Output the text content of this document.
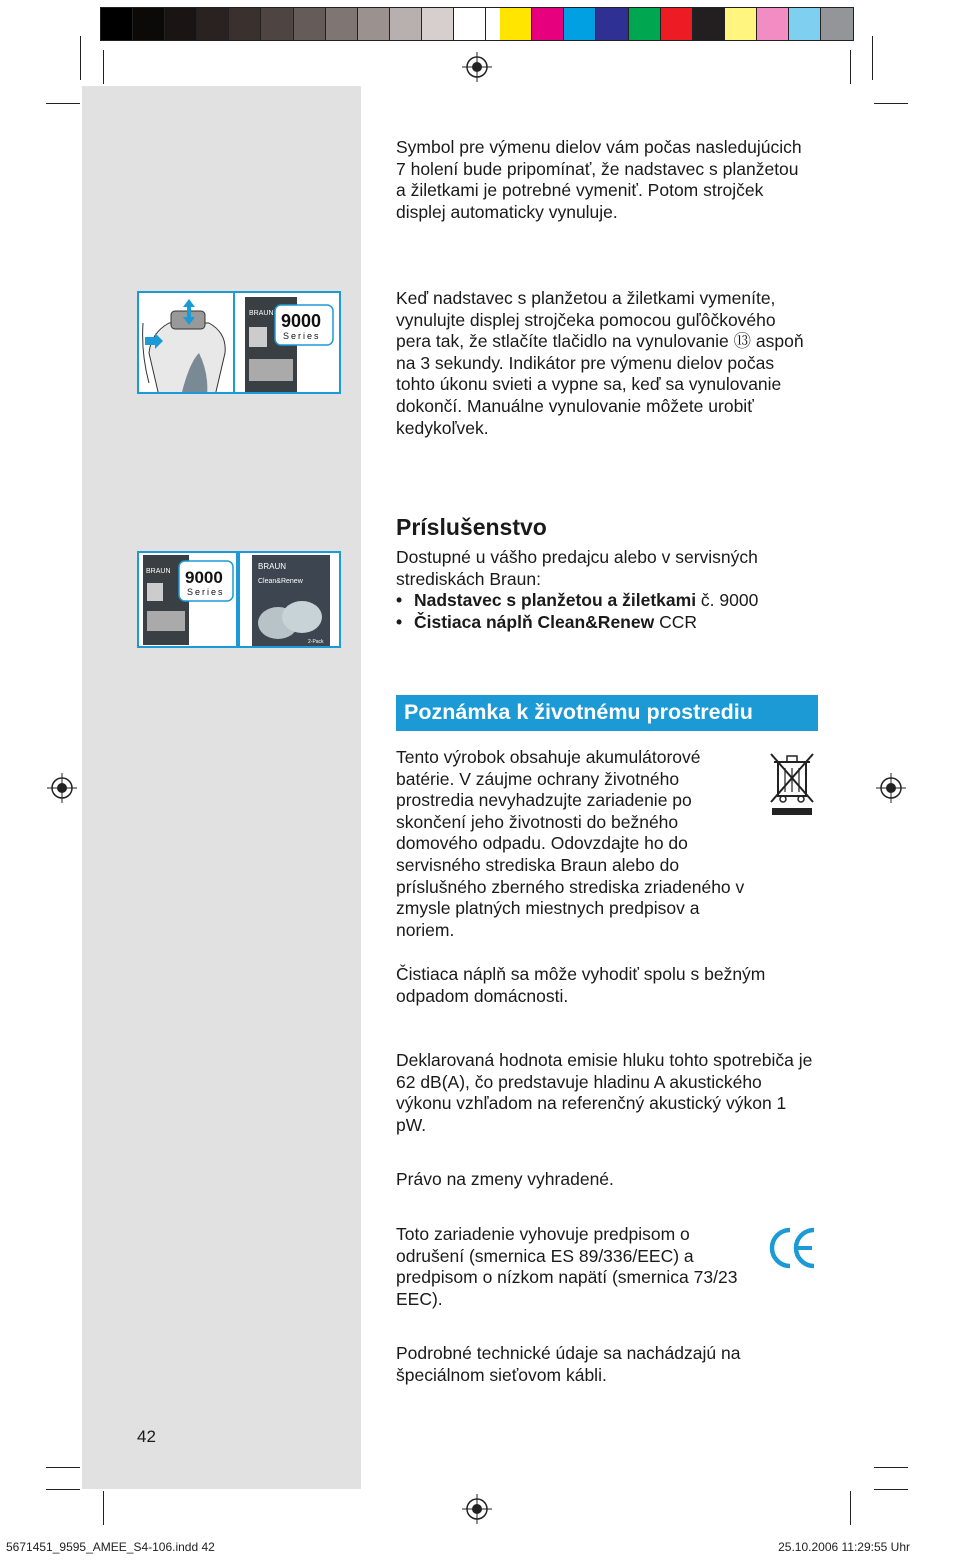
9000
Series
BRAUN
9000
Series
BRAUN
BRAUN
Clean&Renew
2-Pack

Symbol pre výmenu dielov vám počas nasledujúcich 7 holení bude pripomínať, že nadstavec s planžetou a žiletkami je potrebné vymeniť. Potom strojček displej automaticky vynuluje.

Keď nadstavec s planžetou a žiletkami vymeníte, vynulujte displej strojčeka pomocou guľôčkového pera tak, že stlačíte tlačidlo na vynulovanie ⑬ aspoň na 3 sekundy. Indikátor pre výmenu dielov počas tohto úkonu svieti a vypne sa, keď sa vynulovanie dokončí. Manuálne vynulovanie môžete urobiť kedykoľvek.

Príslušenstvo

Dostupné u vášho predajcu alebo v servisných strediskách Braun:

• Nadstavec s planžetou a žiletkami č. 9000
• Čistiaca náplň Clean&Renew CCR
Poznámka k životnému prostrediu

Tento výrobok obsahuje akumulátorové batérie. V záujme ochrany životného prostredia nevyhadzujte zariadenie po skončení jeho životnosti do bežného domového odpadu. Odovzdajte ho do servisného strediska Braun alebo do príslušného zberného strediska zriadeného v zmysle platných miestnych predpisov a noriem.

Čistiaca náplň sa môže vyhodiť spolu s bežným odpadom domácnosti.

Deklarovaná hodnota emisie hluku tohto spotrebiča je 62 dB(A), čo predstavuje hladinu A akustického výkonu vzhľadom na referenčný akustický výkon 1 pW.

Právo na zmeny vyhradené.

Toto zariadenie vyhovuje predpisom o odrušení (smernica ES 89/336/EEC) a predpisom o nízkom napätí (smernica 73/23 EEC).

Podrobné technické údaje sa nachádzajú na špeciálnom sieťovom kábli.

42
5671451_9595_AMEE_S4-106.indd 42	25.10.2006 11:29:55 Uhr
